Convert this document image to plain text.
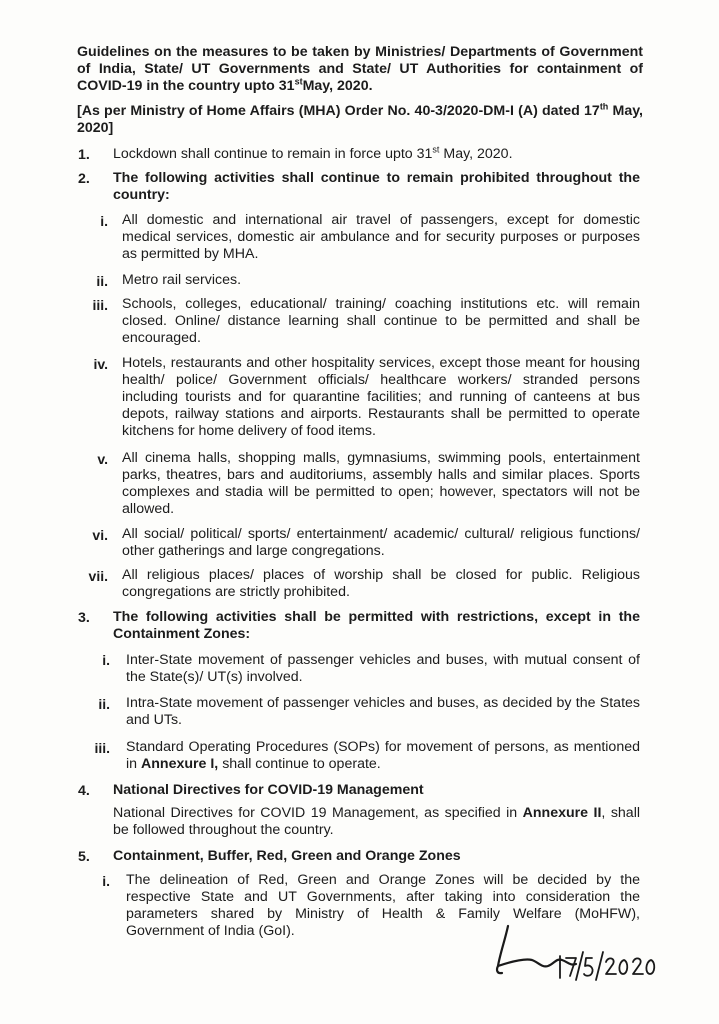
Guidelines on the measures to be taken by Ministries/ Departments of Government of India, State/ UT Governments and State/ UT Authorities for containment of COVID-19 in the country upto 31stMay, 2020.
[As per Ministry of Home Affairs (MHA) Order No. 40-3/2020-DM-I (A) dated 17th May, 2020]
1. Lockdown shall continue to remain in force upto 31st May, 2020.
2. The following activities shall continue to remain prohibited throughout the country:
i. All domestic and international air travel of passengers, except for domestic medical services, domestic air ambulance and for security purposes or purposes as permitted by MHA.
ii. Metro rail services.
iii. Schools, colleges, educational/ training/ coaching institutions etc. will remain closed. Online/ distance learning shall continue to be permitted and shall be encouraged.
iv. Hotels, restaurants and other hospitality services, except those meant for housing health/ police/ Government officials/ healthcare workers/ stranded persons including tourists and for quarantine facilities; and running of canteens at bus depots, railway stations and airports. Restaurants shall be permitted to operate kitchens for home delivery of food items.
v. All cinema halls, shopping malls, gymnasiums, swimming pools, entertainment parks, theatres, bars and auditoriums, assembly halls and similar places. Sports complexes and stadia will be permitted to open; however, spectators will not be allowed.
vi. All social/ political/ sports/ entertainment/ academic/ cultural/ religious functions/ other gatherings and large congregations.
vii. All religious places/ places of worship shall be closed for public. Religious congregations are strictly prohibited.
3. The following activities shall be permitted with restrictions, except in the Containment Zones:
i. Inter-State movement of passenger vehicles and buses, with mutual consent of the State(s)/ UT(s) involved.
ii. Intra-State movement of passenger vehicles and buses, as decided by the States and UTs.
iii. Standard Operating Procedures (SOPs) for movement of persons, as mentioned in Annexure I, shall continue to operate.
4. National Directives for COVID-19 Management
National Directives for COVID 19 Management, as specified in Annexure II, shall be followed throughout the country.
5. Containment, Buffer, Red, Green and Orange Zones
i. The delineation of Red, Green and Orange Zones will be decided by the respective State and UT Governments, after taking into consideration the parameters shared by Ministry of Health & Family Welfare (MoHFW), Government of India (GoI).
